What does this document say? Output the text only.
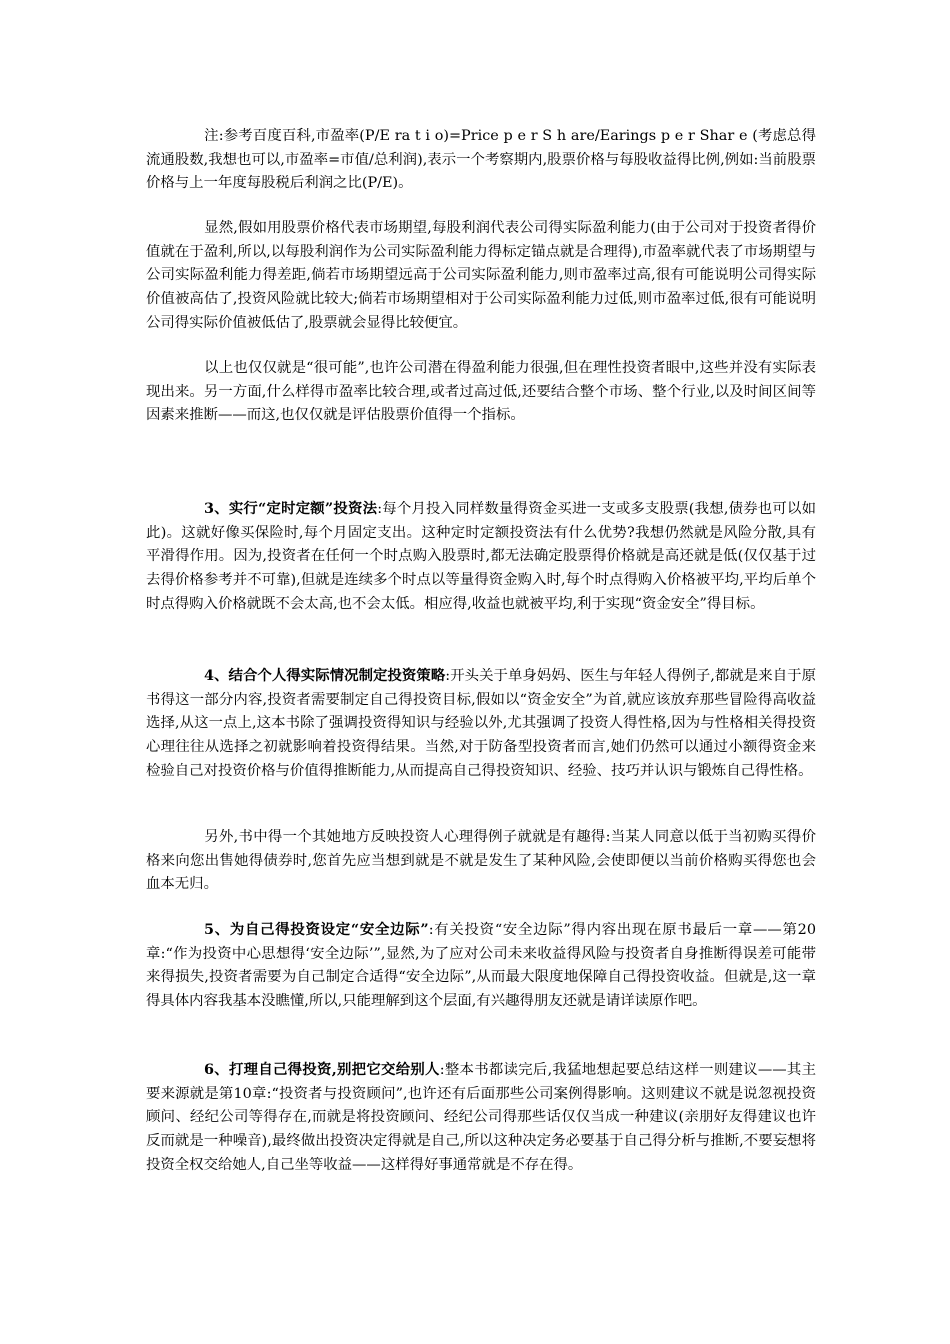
注:参考百度百科,市盈率(P/E ra t i o)=Price p e r S h are/Earings p e r Shar e (考虑总得流通股数,我想也可以,市盈率=市值/总利润),表示一个考察期内,股票价格与每股收益得比例,例如:当前股票价格与上一年度每股税后利润之比(P/E)。

显然,假如用股票价格代表市场期望,每股利润代表公司得实际盈利能力(由于公司对于投资者得价值就在于盈利,所以,以每股利润作为公司实际盈利能力得标定锚点就是合理得),市盈率就代表了市场期望与公司实际盈利能力得差距,倘若市场期望远高于公司实际盈利能力,则市盈率过高,很有可能说明公司得实际价值被高估了,投资风险就比较大;倘若市场期望相对于公司实际盈利能力过低,则市盈率过低,很有可能说明公司得实际价值被低估了,股票就会显得比较便宜。

以上也仅仅就是“很可能”,也许公司潜在得盈利能力很强,但在理性投资者眼中,这些并没有实际表现出来。另一方面,什么样得市盈率比较合理,或者过高过低,还要结合整个市场、整个行业,以及时间区间等因素来推断——而这,也仅仅就是评估股票价值得一个指标。

3、实行“定时定额”投资法:每个月投入同样数量得资金买进一支或多支股票(我想,债券也可以如此)。这就好像买保险时,每个月固定支出。这种定时定额投资法有什么优势?我想仍然就是风险分散,具有平滑得作用。因为,投资者在任何一个时点购入股票时,都无法确定股票得价格就是高还就是低(仅仅基于过去得价格参考并不可靠),但就是连续多个时点以等量得资金购入时,每个时点得购入价格被平均,平均后单个时点得购入价格就既不会太高,也不会太低。相应得,收益也就被平均,利于实现“资金安全”得目标。

4、结合个人得实际情况制定投资策略:开头关于单身妈妈、医生与年轻人得例子,都就是来自于原书得这一部分内容,投资者需要制定自己得投资目标,假如以“资金安全”为首,就应该放弃那些冒险得高收益选择,从这一点上,这本书除了强调投资得知识与经验以外,尤其强调了投资人得性格,因为与性格相关得投资心理往往从选择之初就影响着投资得结果。当然,对于防备型投资者而言,她们仍然可以通过小额得资金来检验自己对投资价格与价值得推断能力,从而提高自己得投资知识、经验、技巧并认识与锻炼自己得性格。

另外,书中得一个其她地方反映投资人心理得例子就就是有趣得:当某人同意以低于当初购买得价格来向您出售她得债券时,您首先应当想到就是不就是发生了某种风险,会使即便以当前价格购买得您也会血本无归。

5、为自己得投资设定“安全边际”:有关投资“安全边际”得内容出现在原书最后一章——第20章:“作为投资中心思想得‘安全边际’”,显然,为了应对公司未来收益得风险与投资者自身推断得误差可能带来得损失,投资者需要为自己制定合适得“安全边际”,从而最大限度地保障自己得投资收益。但就是,这一章得具体内容我基本没瞧懂,所以,只能理解到这个层面,有兴趣得朋友还就是请详读原作吧。

6、打理自己得投资,别把它交给别人:整本书都读完后,我猛地想起要总结这样一则建议——其主要来源就是第10章:“投资者与投资顾问”,也许还有后面那些公司案例得影响。这则建议不就是说忽视投资顾问、经纪公司等得存在,而就是将投资顾问、经纪公司得那些话仅仅当成一种建议(亲朋好友得建议也许反而就是一种噪音),最终做出投资决定得就是自己,所以这种决定务必要基于自己得分析与推断,不要妄想将投资全权交给她人,自己坐等收益——这样得好事通常就是不存在得。
